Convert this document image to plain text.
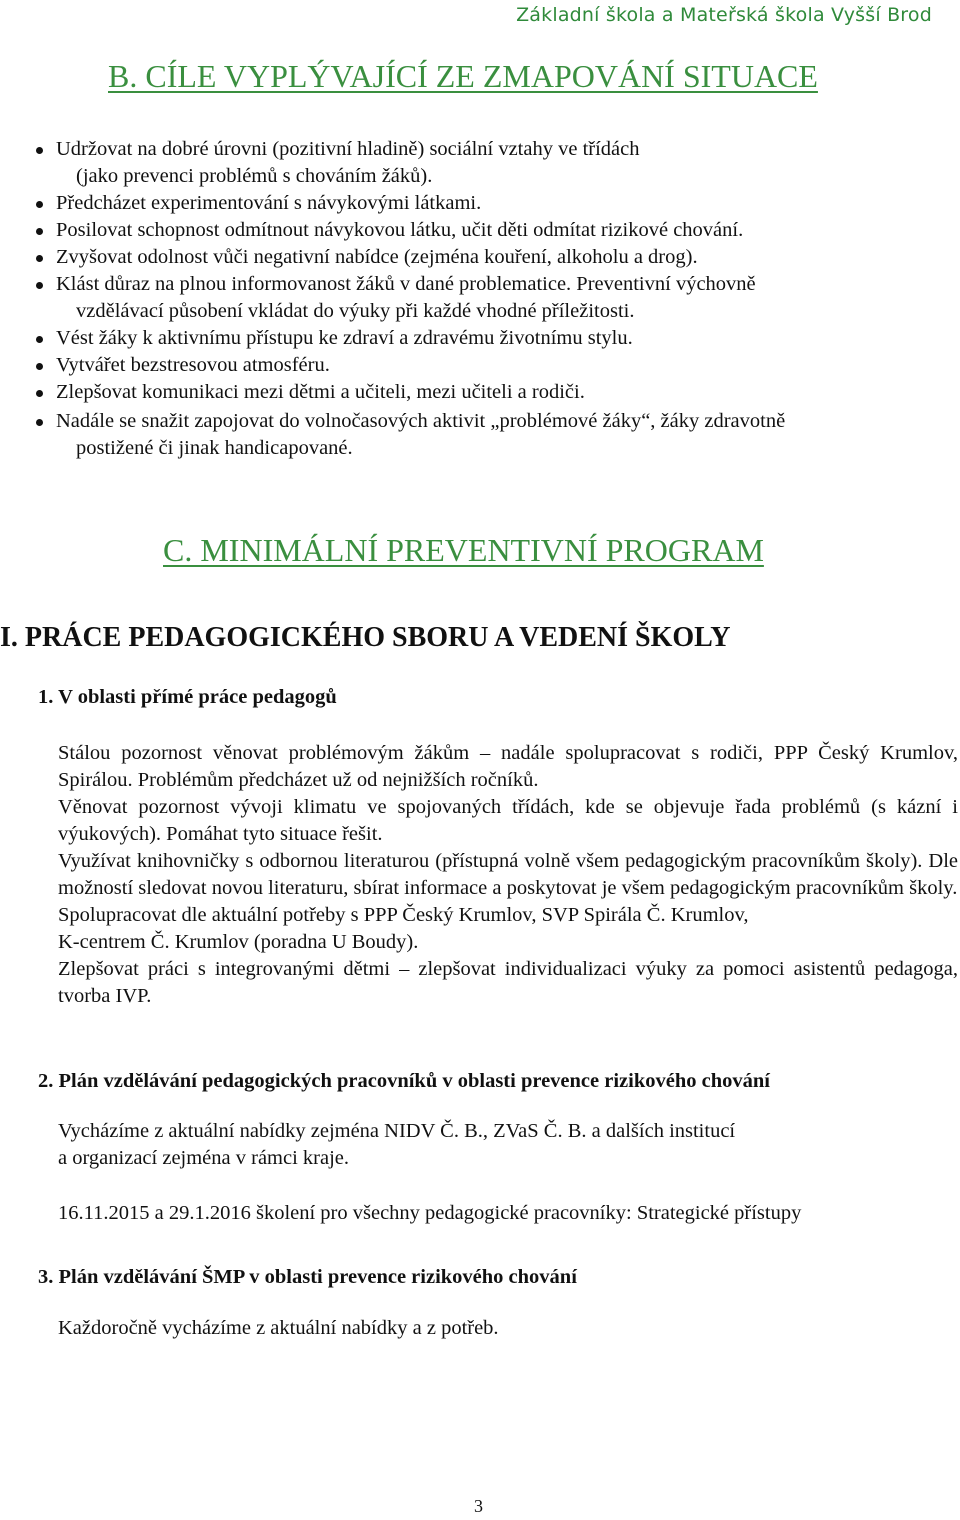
Základní škola a Mateřská škola Vyšší Brod
B. CÍLE VYPLÝVAJÍCÍ ZE ZMAPOVÁNÍ SITUACE
Udržovat na dobré úrovni (pozitivní hladině) sociální vztahy ve třídách
(jako prevenci problémů s chováním žáků).
Předcházet experimentování s návykovými látkami.
Posilovat schopnost odmítnout návykovou látku, učit děti odmítat rizikové chování.
Zvyšovat odolnost vůči negativní nabídce (zejména kouření, alkoholu a drog).
Klást důraz na plnou informovanost žáků v dané problematice. Preventivní výchovně
vzdělávací působení vkládat do výuky při každé vhodné příležitosti.
Vést žáky k aktivnímu přístupu ke zdraví a zdravému životnímu stylu.
Vytvářet bezstresovou atmosféru.
Zlepšovat komunikaci mezi dětmi a učiteli, mezi učiteli a rodiči.
Nadále se snažit zapojovat do volnočasových aktivit „problémové žáky“, žáky zdravotně
postižené či jinak handicapované.
C. MINIMÁLNÍ PREVENTIVNÍ PROGRAM
I. PRÁCE PEDAGOGICKÉHO SBORU A VEDENÍ ŠKOLY
1. V oblasti přímé práce pedagogů
Stálou pozornost věnovat problémovým žákům – nadále spolupracovat s rodiči, PPP Český Krumlov, Spirálou. Problémům předcházet už od nejnižších ročníků.
Věnovat pozornost vývoji klimatu ve spojovaných třídách, kde se objevuje řada problémů (s kázní i výukových). Pomáhat tyto situace řešit.
Využívat knihovničky s odbornou literaturou (přístupná volně všem pedagogickým pracovníkům školy). Dle možností sledovat novou literaturu, sbírat informace a poskytovat je všem pedagogickým pracovníkům školy.
Spolupracovat dle aktuální potřeby s PPP Český Krumlov, SVP Spirála Č. Krumlov,
K-centrem Č. Krumlov (poradna U Boudy).
Zlepšovat práci s integrovanými dětmi – zlepšovat individualizaci výuky za pomoci asistentů pedagoga, tvorba IVP.
2. Plán vzdělávání pedagogických pracovníků v oblasti prevence rizikového chování
Vycházíme z aktuální nabídky zejména NIDV Č. B., ZVaS Č. B. a dalších institucí
a organizací zejména v rámci kraje.
16.11.2015 a 29.1.2016 školení pro všechny pedagogické pracovníky: Strategické přístupy
3. Plán vzdělávání ŠMP v oblasti prevence rizikového chování
Každoročně vycházíme z aktuální nabídky a z potřeb.
3
